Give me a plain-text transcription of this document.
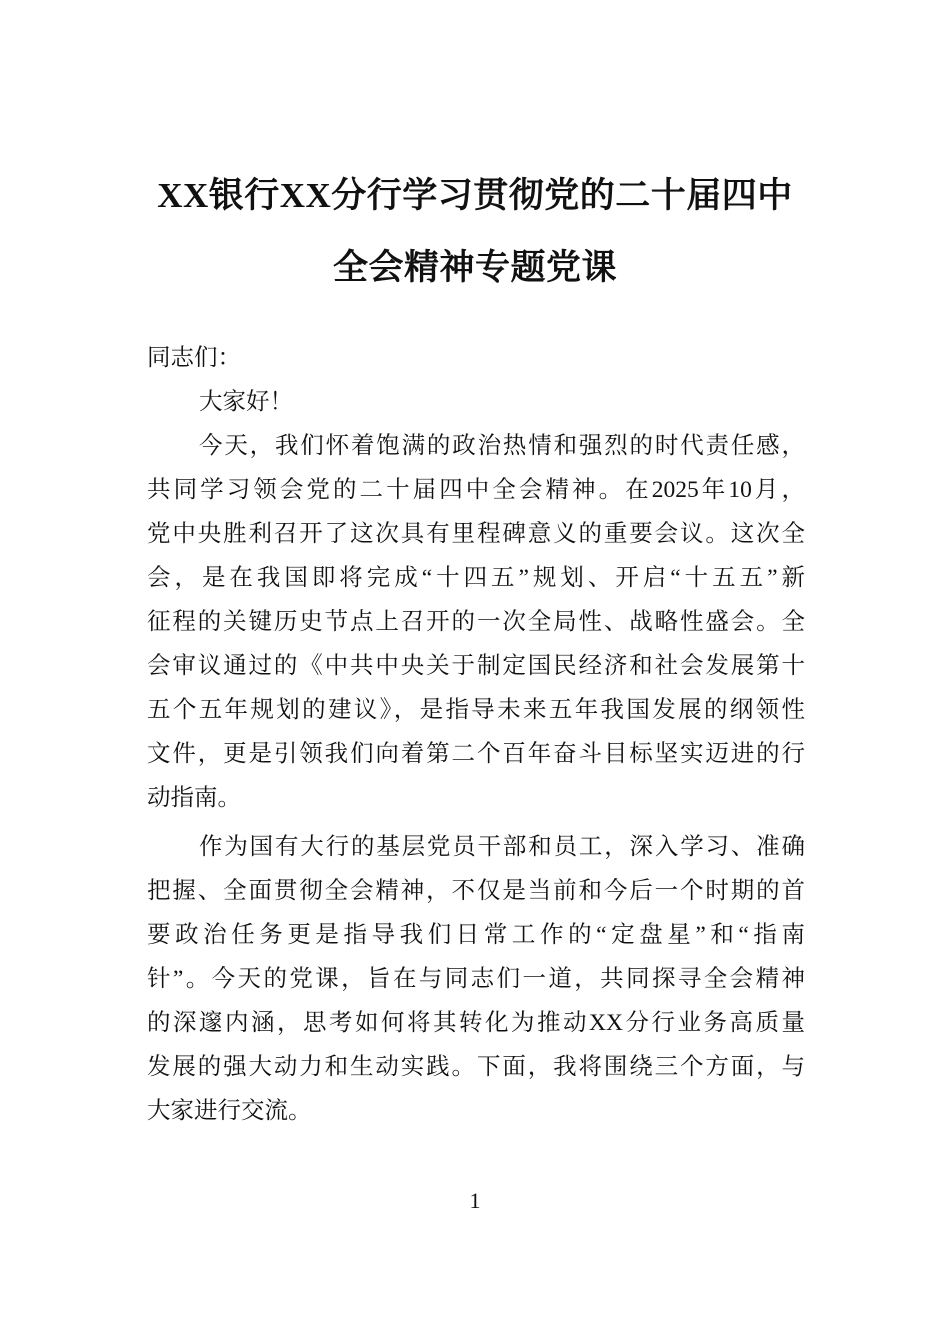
XX银行XX分行学习贯彻党的二十届四中
全会精神专题党课
同志们：
大家好！
今天，我们怀着饱满的政治热情和强烈的时代责任感，
共同学习领会党的二十届四中全会精神。在2025年10月，
党中央胜利召开了这次具有里程碑意义的重要会议。这次全
会，是在我国即将完成“十四五”规划、开启“十五五”新
征程的关键历史节点上召开的一次全局性、战略性盛会。全
会审议通过的《中共中央关于制定国民经济和社会发展第十
五个五年规划的建议》，是指导未来五年我国发展的纲领性
文件，更是引领我们向着第二个百年奋斗目标坚实迈进的行
动指南。
作为国有大行的基层党员干部和员工，深入学习、准确
把握、全面贯彻全会精神，不仅是当前和今后一个时期的首
要政治任务更是指导我们日常工作的“定盘星”和“指南
针”。今天的党课，旨在与同志们一道，共同探寻全会精神
的深邃内涵，思考如何将其转化为推动XX分行业务高质量
发展的强大动力和生动实践。下面，我将围绕三个方面，与
大家进行交流。
1
